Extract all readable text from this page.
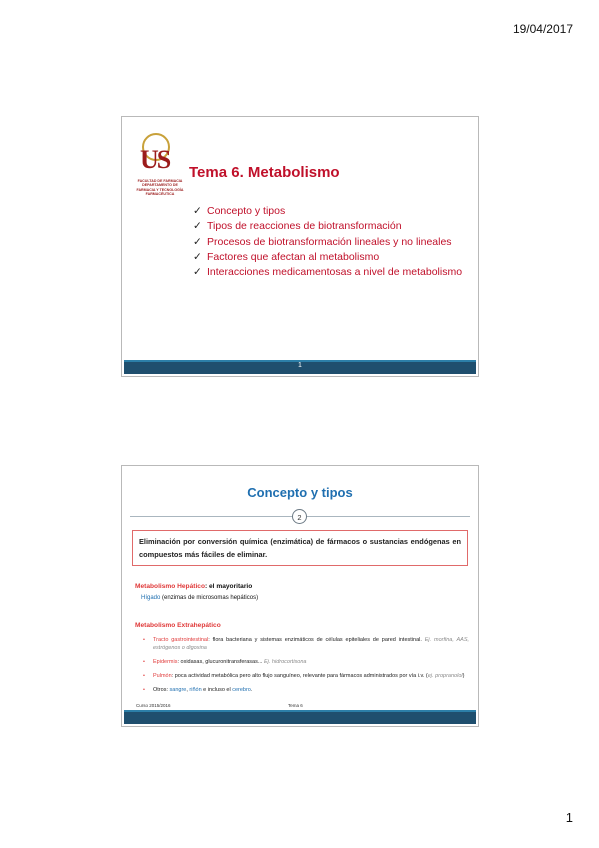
19/04/2017
US
FACULTAD DE FARMACIA
DEPARTAMENTO DE
FARMACIA Y TECNOLOGÍA
FARMACÉUTICA
Tema 6. Metabolismo
✓ Concepto y tipos
✓ Tipos de reacciones de biotransformación
✓ Procesos de biotransformación lineales y no lineales
✓ Factores que afectan al metabolismo
✓ Interacciones medicamentosas a nivel de metabolismo
1
Concepto y tipos
2
Eliminación por conversión química (enzimática) de fármacos o sustancias endógenas en compuestos más fáciles de eliminar.
Metabolismo Hepático: el mayoritario
Hígado (enzimas de microsomas hepáticos)
Metabolismo Extrahepático
• Tracto gastrointestinal: flora bacteriana y sistemas enzimáticos de células epiteliales de pared intestinal. Ej. morfina, AAS, estrógenos o digoxina
• Epidermis: oxidasas, glucuronitransferasas... Ej. hidrocortisona
• Pulmón: poca actividad metabólica pero alto flujo sanguíneo, relevante para fármacos administrados por vía i.v. (ej. propranolol)
• Otros: sangre, riñón e incluso el cerebro.
Curso 2015/2016	Tema 6
1
